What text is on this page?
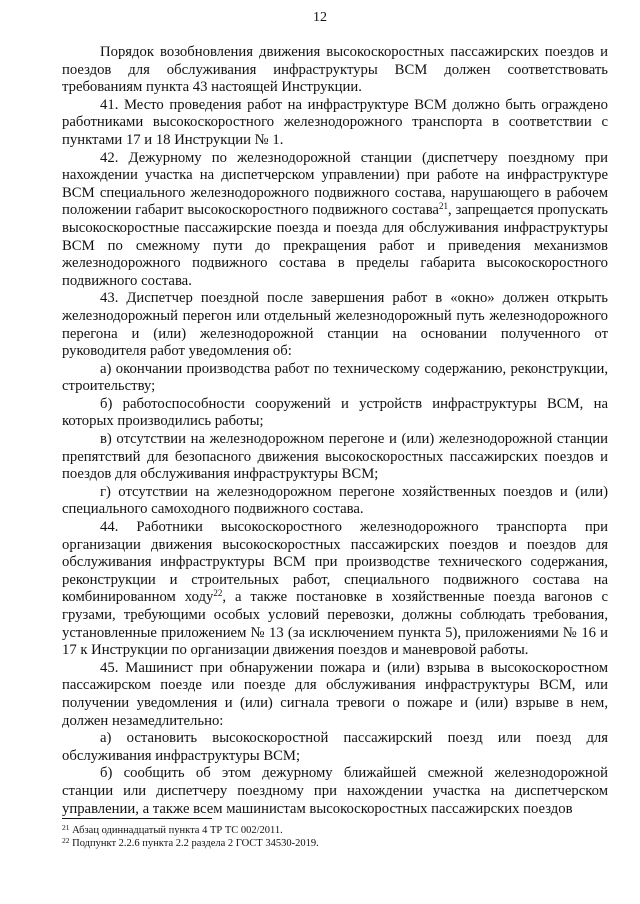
12

Порядок возобновления движения высокоскоростных пассажирских поездов и поездов для обслуживания инфраструктуры ВСМ должен соответствовать требованиям пункта 43 настоящей Инструкции.

41. Место проведения работ на инфраструктуре ВСМ должно быть ограждено работниками высокоскоростного железнодорожного транспорта в соответствии с пунктами 17 и 18 Инструкции № 1.

42. Дежурному по железнодорожной станции (диспетчеру поездному при нахождении участка на диспетчерском управлении) при работе на инфраструктуре ВСМ специального железнодорожного подвижного состава, нарушающего в рабочем положении габарит высокоскоростного подвижного состава$^{21}$, запрещается пропускать высокоскоростные пассажирские поезда и поезда для обслуживания инфраструктуры ВСМ по смежному пути до прекращения работ и приведения механизмов железнодорожного подвижного состава в пределы габарита высокоскоростного подвижного состава.

43. Диспетчер поездной после завершения работ в «окно» должен открыть железнодорожный перегон или отдельный железнодорожный путь железнодорожного перегона и (или) железнодорожной станции на основании полученного от руководителя работ уведомления об:

а) окончании производства работ по техническому содержанию, реконструкции, строительству;

б) работоспособности сооружений и устройств инфраструктуры ВСМ, на которых производились работы;

в) отсутствии на железнодорожном перегоне и (или) железнодорожной станции препятствий для безопасного движения высокоскоростных пассажирских поездов и поездов для обслуживания инфраструктуры ВСМ;

г) отсутствии на железнодорожном перегоне хозяйственных поездов и (или) специального самоходного подвижного состава.

44. Работники высокоскоростного железнодорожного транспорта при организации движения высокоскоростных пассажирских поездов и поездов для обслуживания инфраструктуры ВСМ при производстве технического содержания, реконструкции и строительных работ, специального подвижного состава на комбинированном ходу$^{22}$, а также постановке в хозяйственные поезда вагонов с грузами, требующими особых условий перевозки, должны соблюдать требования, установленные приложением № 13 (за исключением пункта 5), приложениями № 16 и 17 к Инструкции по организации движения поездов и маневровой работы.

45. Машинист при обнаружении пожара и (или) взрыва в высокоскоростном пассажирском поезде или поезде для обслуживания инфраструктуры ВСМ, или получении уведомления и (или) сигнала тревоги о пожаре и (или) взрыве в нем, должен незамедлительно:

а) остановить высокоскоростной пассажирский поезд или поезд для обслуживания инфраструктуры ВСМ;

б) сообщить об этом дежурному ближайшей смежной железнодорожной станции или диспетчеру поездному при нахождении участка на диспетчерском управлении, а также всем машинистам высокоскоростных пассажирских поездов

$^{21}$ Абзац одиннадцатый пункта 4 ТР ТС 002/2011.
$^{22}$ Подпункт 2.2.6 пункта 2.2 раздела 2 ГОСТ 34530-2019.
